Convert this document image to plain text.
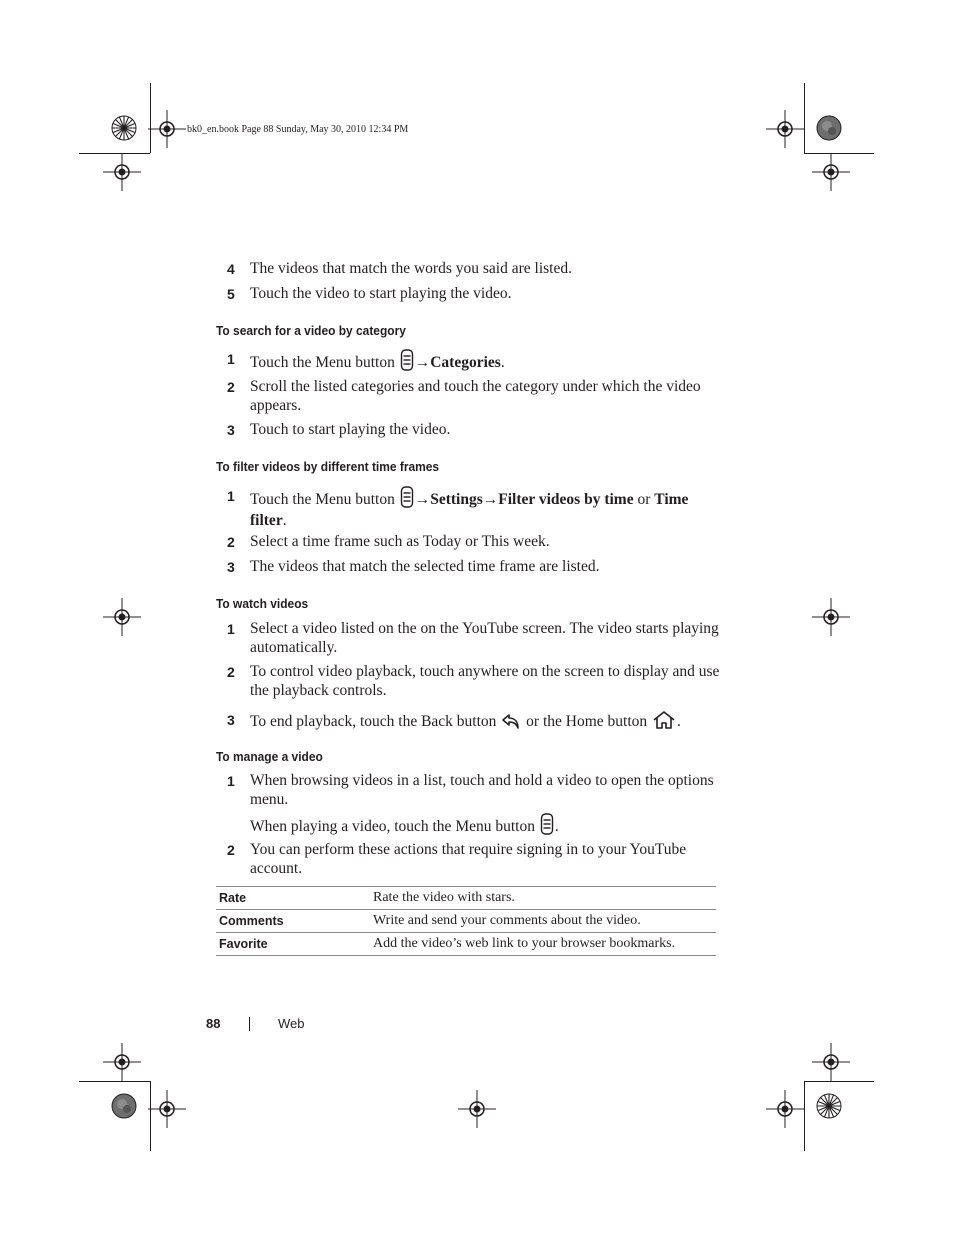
bk0_en.book Page 88 Sunday, May 30, 2010 12:34 PM
4 The videos that match the words you said are listed.
5 Touch the video to start playing the video.
To search for a video by category
1 Touch the Menu button →Categories.
2 Scroll the listed categories and touch the category under which the video appears.
3 Touch to start playing the video.
To filter videos by different time frames
1 Touch the Menu button →Settings→Filter videos by time or Time filter.
2 Select a time frame such as Today or This week.
3 The videos that match the selected time frame are listed.
To watch videos
1 Select a video listed on the on the YouTube screen. The video starts playing automatically.
2 To control video playback, touch anywhere on the screen to display and use the playback controls.
3 To end playback, touch the Back button  or the Home button .
To manage a video
1 When browsing videos in a list, touch and hold a video to open the options menu.
When playing a video, touch the Menu button .
2 You can perform these actions that require signing in to your YouTube account.
Rate	Rate the video with stars.
Comments	Write and send your comments about the video.
Favorite	Add the video’s web link to your browser bookmarks.
88	Web
